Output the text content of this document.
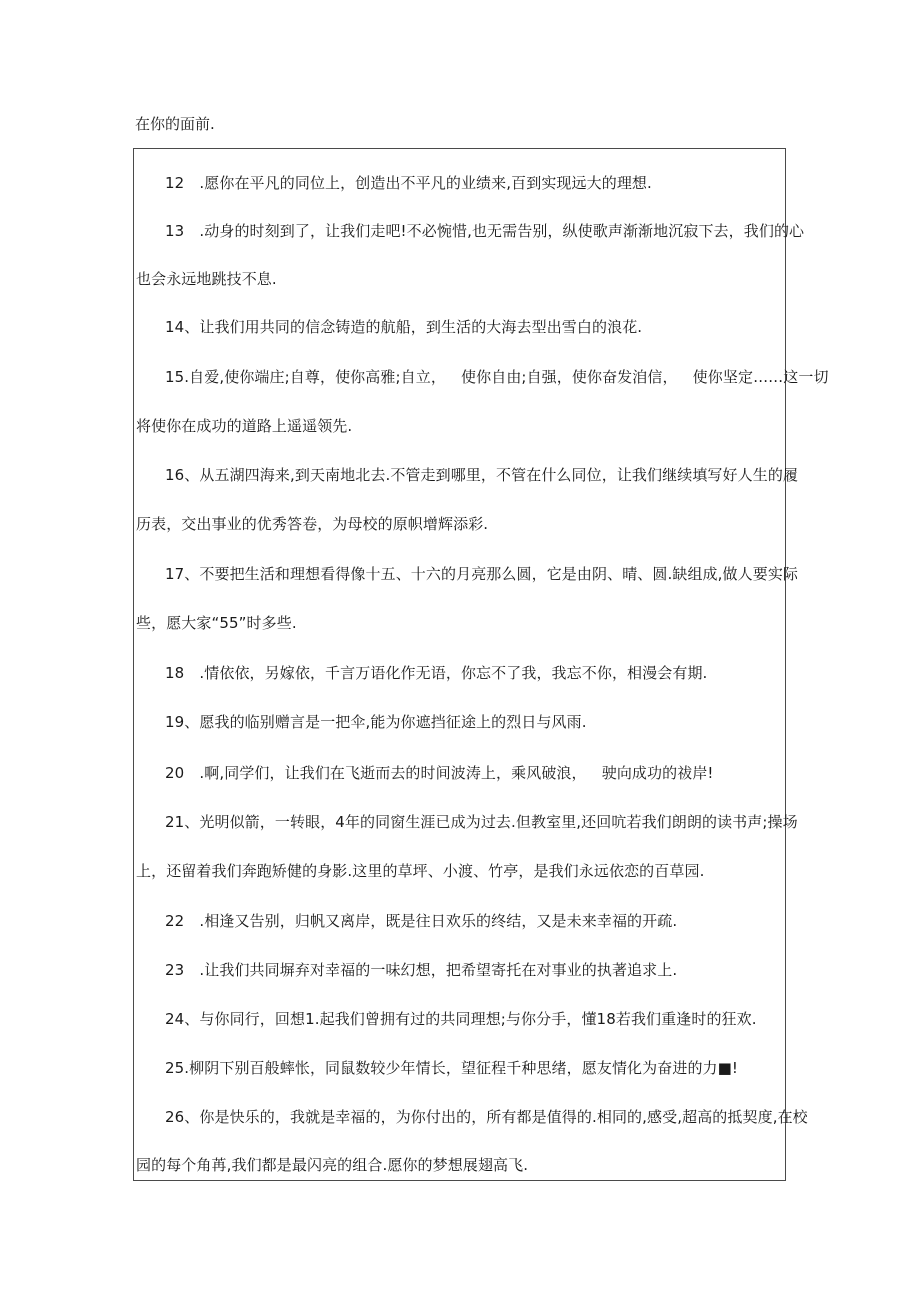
在你的面前.
12　.愿你在平凡的同位上，创造出不平凡的业绩来,百到实现远大的理想.
13　.动身的时刻到了，让我们走吧!不必惋惜,也无需告别，纵使歌声渐渐地沉寂下去，我们的心
也会永远地跳技不息.
14、让我们用共同的信念铸造的航船，到生活的大海去型出雪白的浪花.
15.自爱,使你端庄;自尊，使你高雅;自立， 使你自由;自强，使你奋发洎信， 使你坚定……这一切
将使你在成功的道路上遥遥领先.
16、从五湖四海来,到天南地北去.不管走到哪里，不管在什么同位，让我们继续填写好人生的履
历表，交出事业的优秀答卷，为母校的原帜增辉添彩.
17、不要把生活和理想看得像十五、十六的月亮那么圆，它是由阴、晴、圆.缺组成,做人要实际
些，愿大家“55”时多些.
18　.情依依，另嫁依，千言万语化作无语，你忘不了我，我忘不你，相漫会有期.
19、愿我的临别赠言是一把伞,能为你遮挡征途上的烈日与风雨.
20　.啊,同学们，让我们在飞逝而去的时间波涛上，乘风破浪， 驶向成功的祓岸!
21、光明似箭，一转眼，4年的同窗生涯已成为过去.但教室里,还回吭若我们朗朗的读书声;操场
上，还留着我们奔跑矫健的身影.这里的草坪、小渡、竹亭，是我们永远依恋的百草园.
22　.相逢又告别，归帆又离岸，既是往日欢乐的终结，又是未来幸福的开疏.
23　.让我们共同塀弃对幸福的一味幻想，把希望寄托在对事业的执著追求上.
24、与你同行，回想1.起我们曾拥有过的共同理想;与你分手，懂18若我们重逢时的狂欢.
25.柳阴下别百般蟀怅，同鼠数较少年情长，望征程千种思绪，愿友情化为奋进的力■!
26、你是快乐的，我就是幸福的，为你付出的，所有都是值得的.相同的,感受,超高的抵契度,在校
园的每个角苒,我们都是最闪亮的组合.愿你的梦想展翅高飞.
